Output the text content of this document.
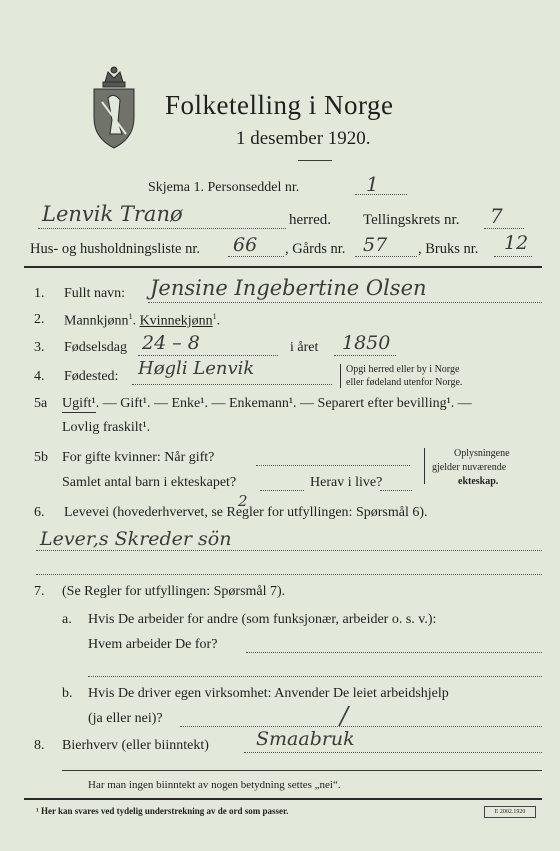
Folketelling i Norge
1 desember 1920.
Skjema 1. Personseddel nr.	1
Lenvik Tranø	herred. Tellingskrets nr. 7
Hus- og husholdningsliste nr. 66 , Gårds nr. 57 , Bruks nr. 12
1. Fullt navn: Jensine Ingebertine Olsen
2. Mannkjønn$^1$. Kvinnekjønn$^1$.
3. Fødselsdag 24 – 8	i året 1850
4. Fødested: Høgli Lenvik	Opgi herred eller by i Norge
eller fødeland utenfor Norge.
5a Ugift¹. — Gift¹. — Enke¹. — Enkemann¹. — Separert efter bevilling¹. —
Lovlig fraskilt¹.
5b For gifte kvinner: Når gift?
Samlet antal barn i ekteskapet?	Herav i live?
Oplysningene
gjelder nuværende
ekteskap.
6. Levevei (hovederhvervet, se Regler for utfyllingen: Spørsmål 6).
2
Lever,s Skreder sön
7. (Se Regler for utfyllingen: Spørsmål 7).
a. Hvis De arbeider for andre (som funksjonær, arbeider o. s. v.):
Hvem arbeider De for?
b. Hvis De driver egen virksomhet: Anvender De leiet arbeidshjelp
(ja eller nei)?	/
8. Bierhverv (eller biinntekt) Smaabruk
Har man ingen biinntekt av nogen betydning settes „nei“.
¹ Her kan svares ved tydelig understrekning av de ord som passer.	E 2002.1920
